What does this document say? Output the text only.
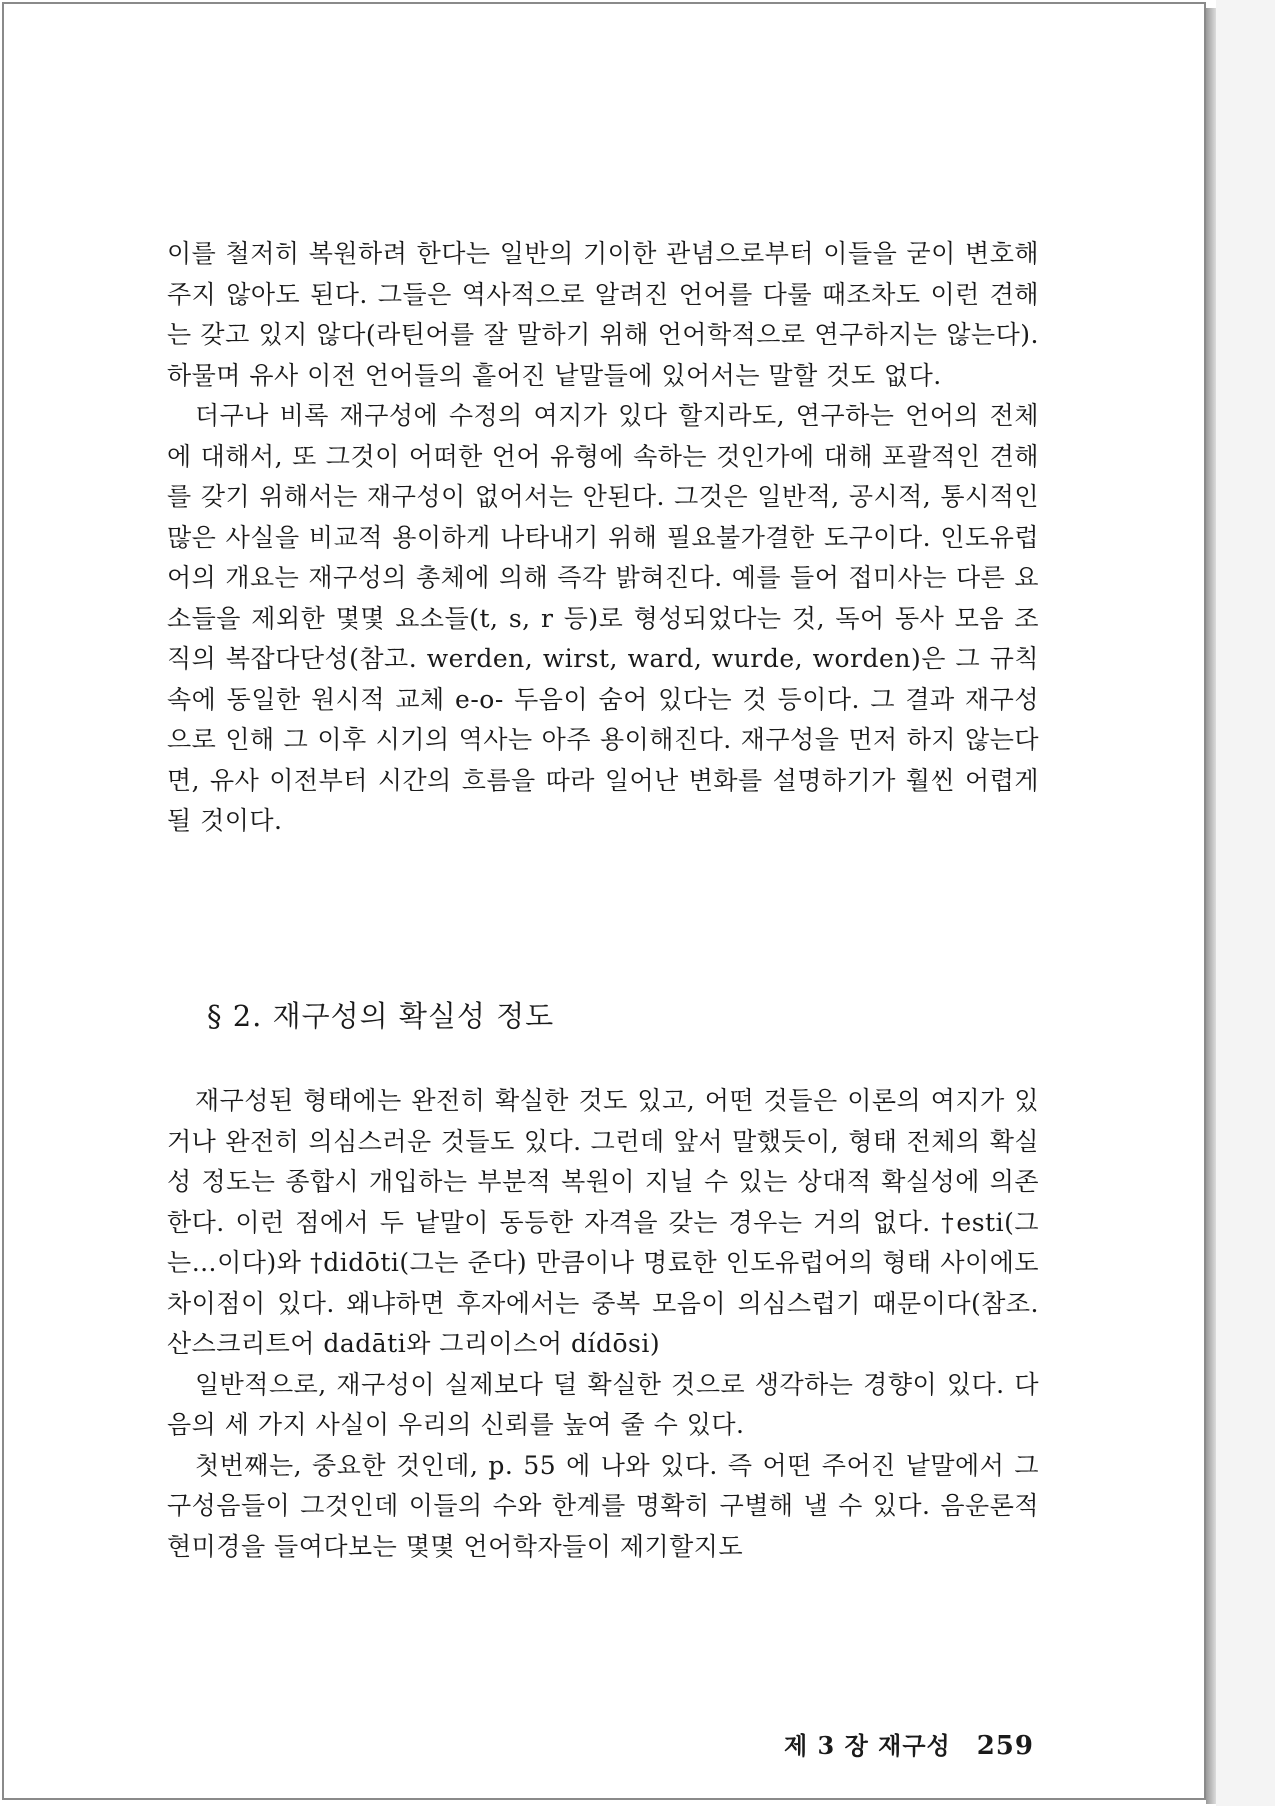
이를 철저히 복원하려 한다는 일반의 기이한 관념으로부터 이들을 굳이 변호해 주지 않아도 된다. 그들은 역사적으로 알려진 언어를 다룰 때조차도 이런 견해는 갖고 있지 않다(라틴어를 잘 말하기 위해 언어학적으로 연구하지는 않는다). 하물며 유사 이전 언어들의 흩어진 낱말들에 있어서는 말할 것도 없다.

더구나 비록 재구성에 수정의 여지가 있다 할지라도, 연구하는 언어의 전체에 대해서, 또 그것이 어떠한 언어 유형에 속하는 것인가에 대해 포괄적인 견해를 갖기 위해서는 재구성이 없어서는 안된다. 그것은 일반적, 공시적, 통시적인 많은 사실을 비교적 용이하게 나타내기 위해 필요불가결한 도구이다. 인도유럽어의 개요는 재구성의 총체에 의해 즉각 밝혀진다. 예를 들어 접미사는 다른 요소들을 제외한 몇몇 요소들(t, s, r 등)로 형성되었다는 것, 독어 동사 모음 조직의 복잡다단성(참고. werden, wirst, ward, wurde, worden)은 그 규칙 속에 동일한 원시적 교체 e-o- 두음이 숨어 있다는 것 등이다. 그 결과 재구성으로 인해 그 이후 시기의 역사는 아주 용이해진다. 재구성을 먼저 하지 않는다면, 유사 이전부터 시간의 흐름을 따라 일어난 변화를 설명하기가 훨씬 어렵게 될 것이다.

§ 2. 재구성의 확실성 정도

재구성된 형태에는 완전히 확실한 것도 있고, 어떤 것들은 이론의 여지가 있거나 완전히 의심스러운 것들도 있다. 그런데 앞서 말했듯이, 형태 전체의 확실성 정도는 종합시 개입하는 부분적 복원이 지닐 수 있는 상대적 확실성에 의존한다. 이런 점에서 두 낱말이 동등한 자격을 갖는 경우는 거의 없다. †esti(그는…이다)와 †didōti(그는 준다) 만큼이나 명료한 인도유럽어의 형태 사이에도 차이점이 있다. 왜냐하면 후자에서는 중복 모음이 의심스럽기 때문이다(참조. 산스크리트어 dadāti와 그리이스어 dídōsi)

일반적으로, 재구성이 실제보다 덜 확실한 것으로 생각하는 경향이 있다. 다음의 세 가지 사실이 우리의 신뢰를 높여 줄 수 있다.

첫번째는, 중요한 것인데, p. 55 에 나와 있다. 즉 어떤 주어진 낱말에서 그 구성음들이 그것인데 이들의 수와 한계를 명확히 구별해 낼 수 있다. 음운론적 현미경을 들여다보는 몇몇 언어학자들이 제기할지도

제 3 장 재구성 259
